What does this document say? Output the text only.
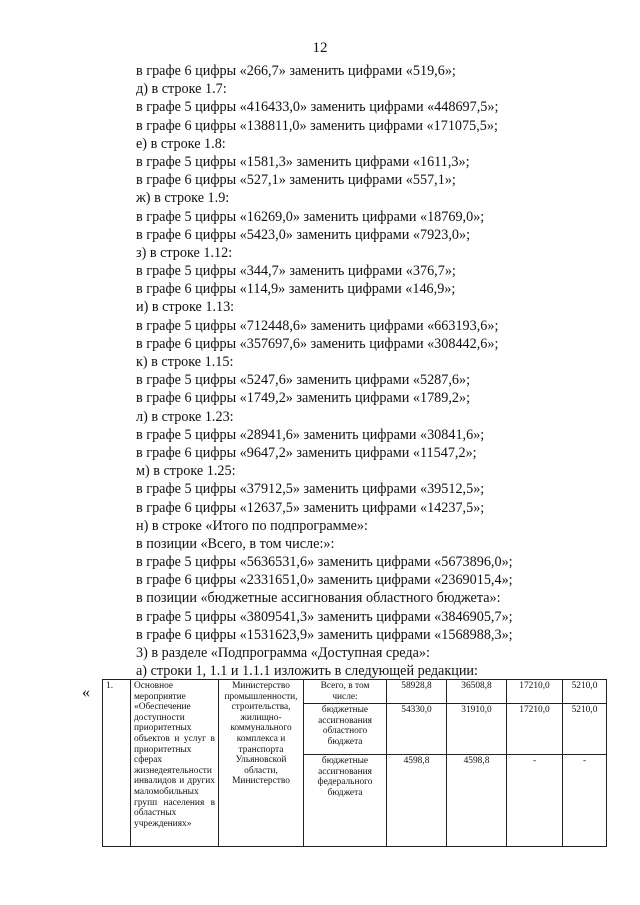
12
в графе 6 цифры «266,7» заменить цифрами «519,6»;
д) в строке 1.7:
в графе 5 цифры «416433,0» заменить цифрами «448697,5»;
в графе 6 цифры «138811,0» заменить цифрами «171075,5»;
е) в строке 1.8:
в графе 5 цифры «1581,3» заменить цифрами «1611,3»;
в графе 6 цифры «527,1» заменить цифрами «557,1»;
ж) в строке 1.9:
в графе 5 цифры «16269,0» заменить цифрами «18769,0»;
в графе 6 цифры «5423,0» заменить цифрами «7923,0»;
з) в строке 1.12:
в графе 5 цифры «344,7» заменить цифрами «376,7»;
в графе 6 цифры «114,9» заменить цифрами «146,9»;
и) в строке 1.13:
в графе 5 цифры «712448,6» заменить цифрами «663193,6»;
в графе 6 цифры «357697,6» заменить цифрами «308442,6»;
к) в строке 1.15:
в графе 5 цифры «5247,6» заменить цифрами «5287,6»;
в графе 6 цифры «1749,2» заменить цифрами «1789,2»;
л) в строке 1.23:
в графе 5 цифры «28941,6» заменить цифрами «30841,6»;
в графе 6 цифры «9647,2» заменить цифрами «11547,2»;
м) в строке 1.25:
в графе 5 цифры «37912,5» заменить цифрами «39512,5»;
в графе 6 цифры «12637,5» заменить цифрами «14237,5»;
н) в строке «Итого по подпрограмме»:
в позиции «Всего, в том числе:»:
в графе 5 цифры «5636531,6» заменить цифрами «5673896,0»;
в графе 6 цифры «2331651,0» заменить цифрами «2369015,4»;
в позиции «бюджетные ассигнования областного бюджета»:
в графе 5 цифры «3809541,3» заменить цифрами «3846905,7»;
в графе 6 цифры «1531623,9» заменить цифрами «1568988,3»;
3) в разделе «Подпрограмма «Доступная среда»:
а) строки 1, 1.1 и 1.1.1 изложить в следующей редакции:
« 1.	Основное мероприятие «Обеспечение доступности приоритетных объектов и услуг в приоритетных сферах жизнедеятельности инвалидов и других маломобильных групп населения в областных учреждениях»	Министерство промышленности, строительства, жилищно-коммунального комплекса и транспорта Ульяновской области, Министерство	Всего, в том числе:	58928,8	36508,8	17210,0	5210,0
			бюджетные ассигнования областного бюджета	54330,0	31910,0	17210,0	5210,0
			бюджетные ассигнования федерального бюджета	4598,8	4598,8	-	-
